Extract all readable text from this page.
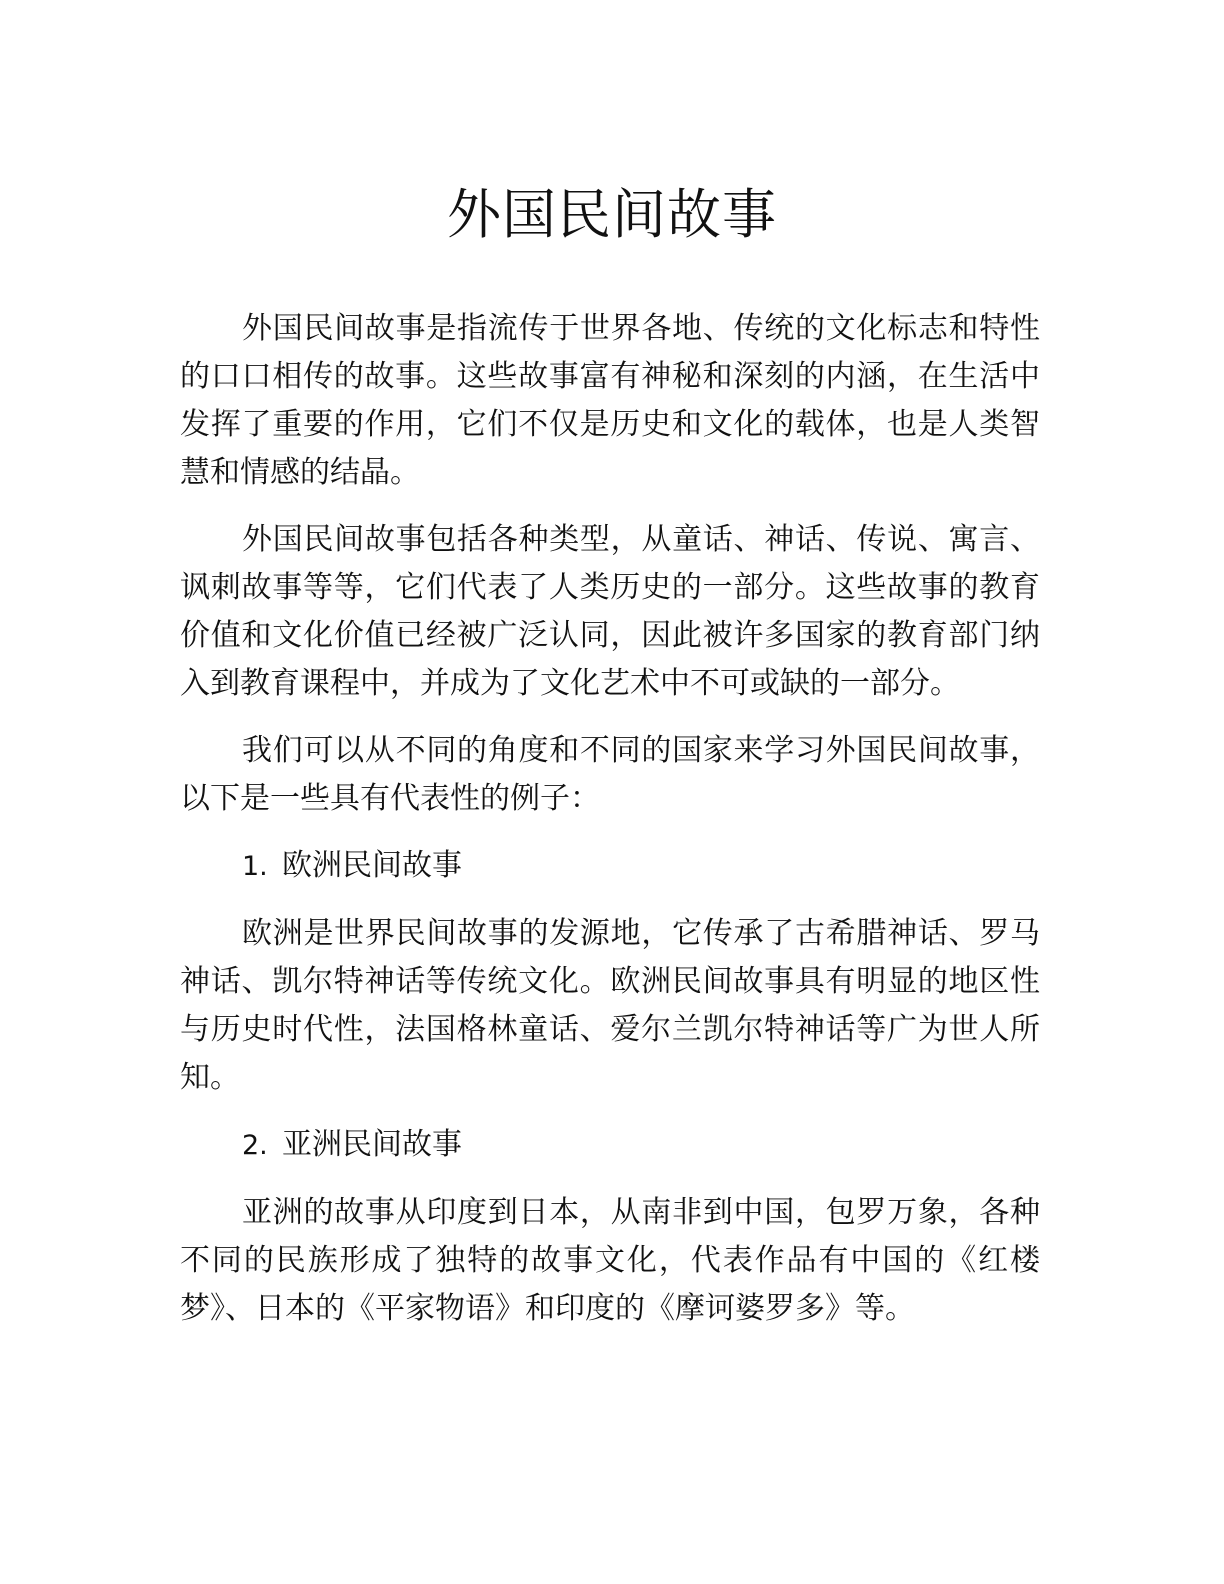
外国民间故事

外国民间故事是指流传于世界各地、传统的文化标志和特性的口口相传的故事。这些故事富有神秘和深刻的内涵，在生活中发挥了重要的作用，它们不仅是历史和文化的载体，也是人类智慧和情感的结晶。

外国民间故事包括各种类型，从童话、神话、传说、寓言、讽刺故事等等，它们代表了人类历史的一部分。这些故事的教育价值和文化价值已经被广泛认同，因此被许多国家的教育部门纳入到教育课程中，并成为了文化艺术中不可或缺的一部分。

我们可以从不同的角度和不同的国家来学习外国民间故事，以下是一些具有代表性的例子：

1. 欧洲民间故事

欧洲是世界民间故事的发源地，它传承了古希腊神话、罗马神话、凯尔特神话等传统文化。欧洲民间故事具有明显的地区性与历史时代性，法国格林童话、爱尔兰凯尔特神话等广为世人所知。

2. 亚洲民间故事

亚洲的故事从印度到日本，从南非到中国，包罗万象，各种不同的民族形成了独特的故事文化，代表作品有中国的《红楼梦》、日本的《平家物语》和印度的《摩诃婆罗多》等。
